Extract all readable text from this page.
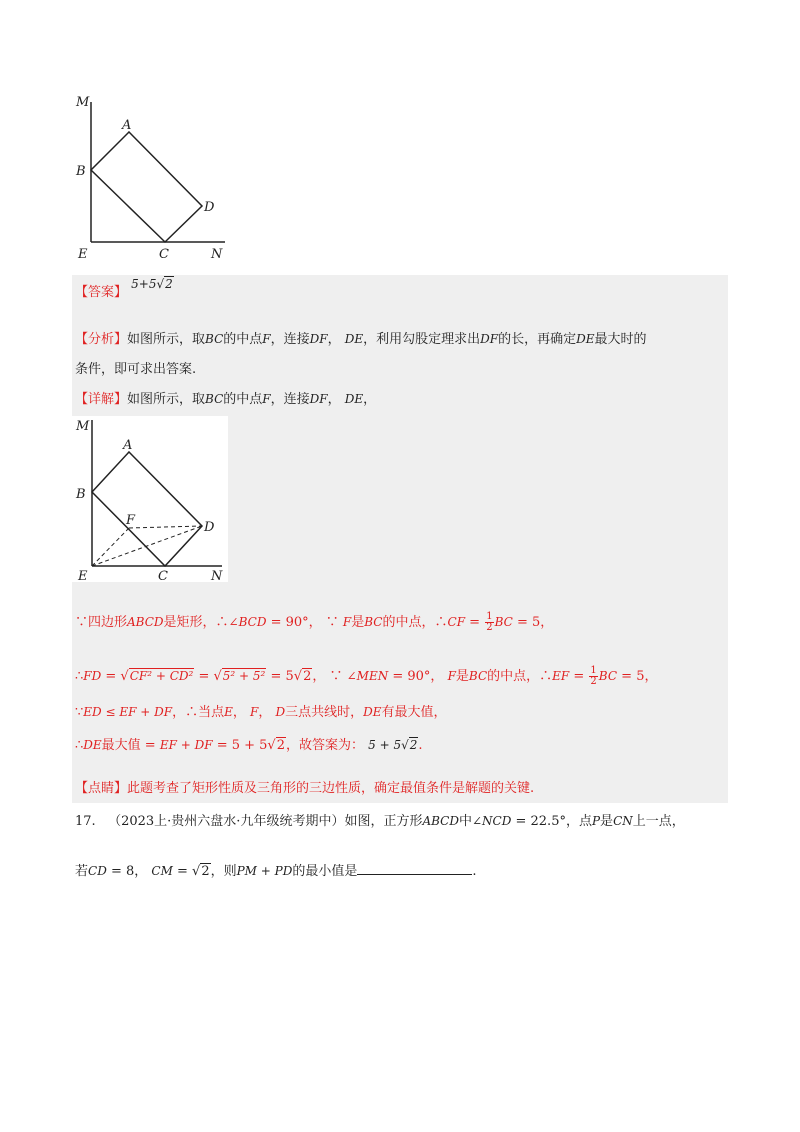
M
A
B
D
E	C	N
【答案】 5+5√2
【分析】如图所示，取BC的中点F，连接DF， DE，利用勾股定理求出DF的长，再确定DE最大时的
条件，即可求出答案.
【详解】如图所示，取BC的中点F，连接DF， DE，
M
A
B
F	D
E	C	N
∵四边形ABCD是矩形，∴∠BCD = 90°， ∵ F是BC的中点，∴CF = $\frac{1}{2}$ BC = 5，
∴FD = √CF² + CD² = √5² + 5² = 5√2， ∵ ∠MEN = 90°， F是BC的中点，∴EF = $\frac{1}{2}$ BC = 5，
∵ED ≤ EF + DF，∴当点E， F， D三点共线时，DE有最大值，
∴DE最大值 = EF + DF = 5 + 5√2，故答案为： 5 + 5√2.
【点睛】此题考查了矩形性质及三角形的三边性质，确定最值条件是解题的关键.
17. （2023上·贵州六盘水·九年级统考期中）如图，正方形ABCD中∠NCD = 22.5°，点P是CN上一点，
若CD = 8， CM = √2，则PM + PD的最小值是	.
